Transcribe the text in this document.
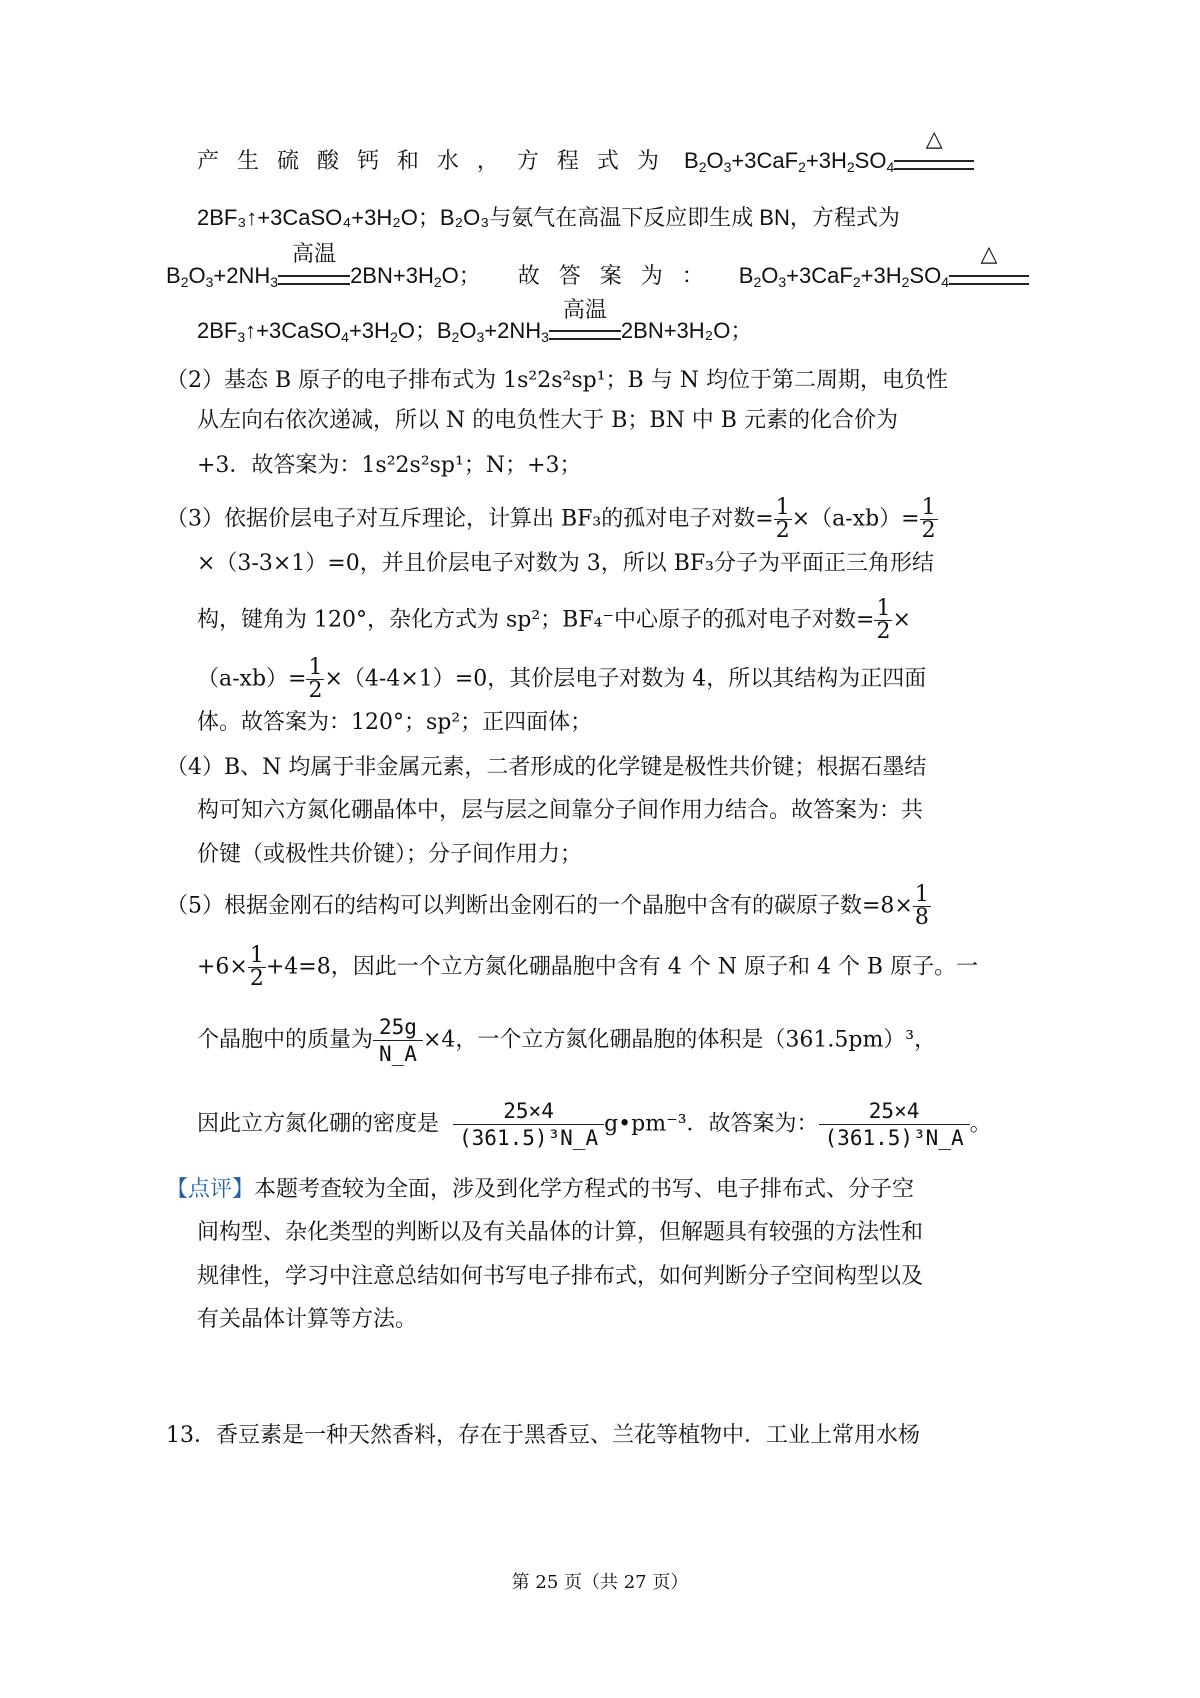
产 生 硫 酸 钙 和 水 ， 方 程 式 为 $B_2O_3+3CaF_2+3H_2SO_4$
△
2BF₃↑+3CaSO₄+3H₂O；B₂O₃与氨气在高温下反应即生成 BN，方程式为
$B_2O_3+2NH_3$
高温
$2BN+3H_2O$； 故 答 案 为 ： $B_2O_3+3CaF_2+3H_2SO_4$
△
$2BF_3↑+3CaSO_4+3H_2O$；$B_2O_3+2NH_3$
高温
2BN+3H₂O；
（2）基态 B 原子的电子排布式为 1s²2s²sp¹；B 与 N 均位于第二周期，电负性
从左向右依次递减，所以 N 的电负性大于 B；BN 中 B 元素的化合价为
+3．故答案为：1s²2s²sp¹；N；+3；
（3）依据价层电子对互斥理论，计算出 BF₃的孤对电子对数= $\frac{1}{2} \times(a-xb)= \frac{1}{2}$
×（3-3×1）=0，并且价层电子对数为 3，所以 BF₃分子为平面正三角形结
构，键角为 120°，杂化方式为 sp²；BF₄⁻中心原子的孤对电子对数= $\frac{1}{2}$ ×
$(a-xb)= \frac{1}{2} \times(4-4\times 1)=0$，其价层电子对数为 4，所以其结构为正四面
体。故答案为：120°；sp²；正四面体；
（4）B、N 均属于非金属元素，二者形成的化学键是极性共价键；根据石墨结
构可知六方氮化硼晶体中，层与层之间靠分子间作用力结合。故答案为：共
价键（或极性共价键）；分子间作用力；
（5）根据金刚石的结构可以判断出金刚石的一个晶胞中含有的碳原子数$=8\times \frac{1}{8}$
$+6\times \frac{1}{2} +4=8$，因此一个立方氮化硼晶胞中含有 4 个 N 原子和 4 个 B 原子。一
个晶胞中的质量为 $\frac{25g}{N\_A} \times 4$，一个立方氮化硼晶胞的体积是（361.5pm）³，
因此立方氮化硼的密度是 $\frac{25\times 4}{\text{(361.5)³N\_A}}$ g•pm⁻³．故答案为： $\frac{25\times 4}{\text{(361.5)³N\_A}}$ 。
【点评】本题考查较为全面，涉及到化学方程式的书写、电子排布式、分子空
间构型、杂化类型的判断以及有关晶体的计算，但解题具有较强的方法性和
规律性，学习中注意总结如何书写电子排布式，如何判断分子空间构型以及
有关晶体计算等方法。
13．香豆素是一种天然香料，存在于黑香豆、兰花等植物中．工业上常用水杨
第 25 页（共 27 页）
